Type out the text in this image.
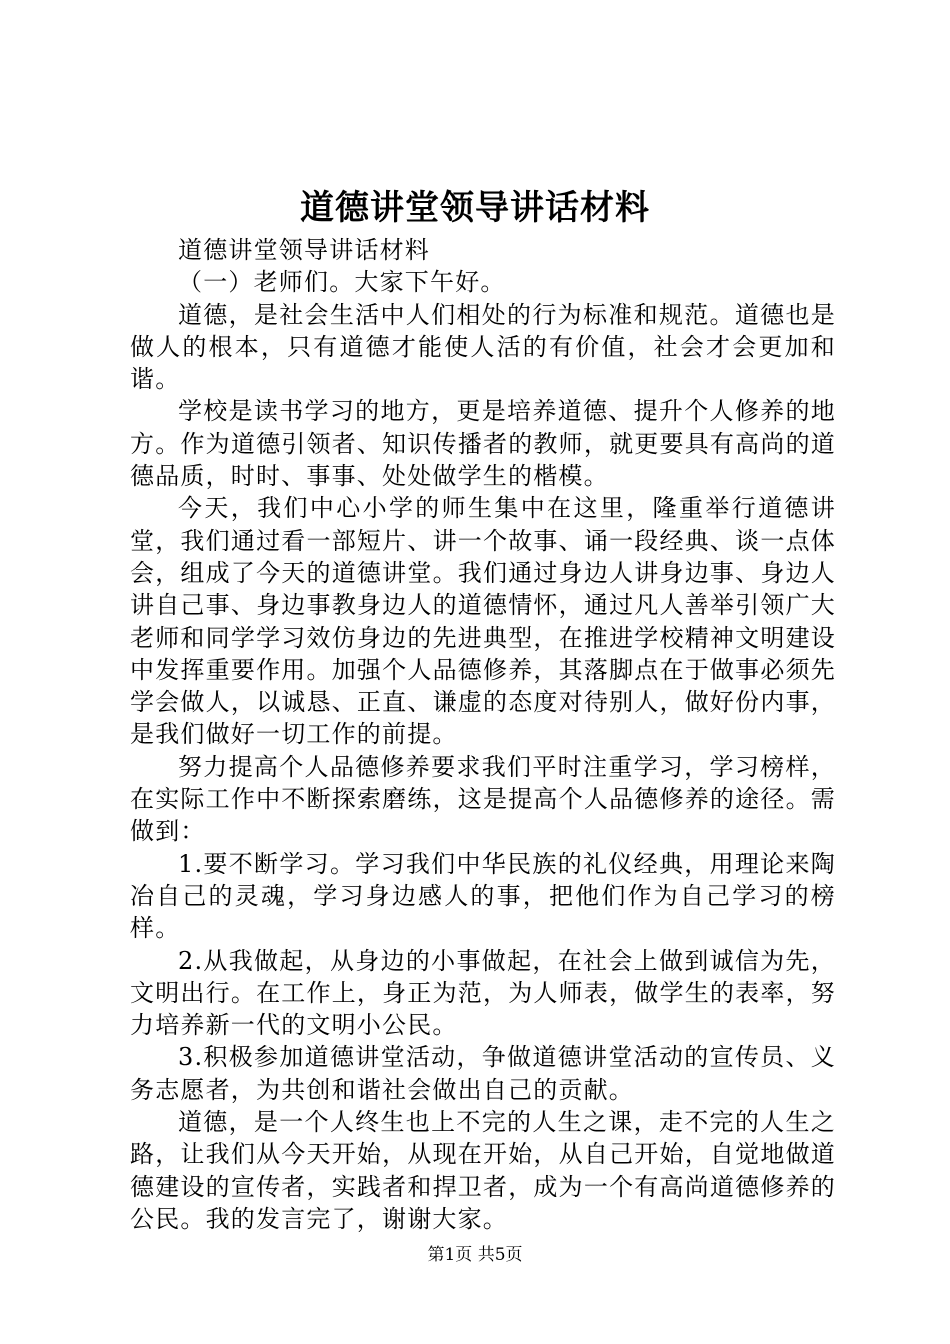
道德讲堂领导讲话材料

道德讲堂领导讲话材料

（一）老师们。大家下午好。

道德，是社会生活中人们相处的行为标准和规范。道德也是做人的根本，只有道德才能使人活的有价值，社会才会更加和谐。

学校是读书学习的地方，更是培养道德、提升个人修养的地方。作为道德引领者、知识传播者的教师，就更要具有高尚的道德品质，时时、事事、处处做学生的楷模。

今天，我们中心小学的师生集中在这里，隆重举行道德讲堂，我们通过看一部短片、讲一个故事、诵一段经典、谈一点体会，组成了今天的道德讲堂。我们通过身边人讲身边事、身边人讲自己事、身边事教身边人的道德情怀，通过凡人善举引领广大老师和同学学习效仿身边的先进典型，在推进学校精神文明建设中发挥重要作用。加强个人品德修养，其落脚点在于做事必须先学会做人，以诚恳、正直、谦虚的态度对待别人，做好份内事，是我们做好一切工作的前提。

努力提高个人品德修养要求我们平时注重学习，学习榜样，在实际工作中不断探索磨练，这是提高个人品德修养的途径。需做到：

1.要不断学习。学习我们中华民族的礼仪经典，用理论来陶冶自己的灵魂，学习身边感人的事，把他们作为自己学习的榜样。

2.从我做起，从身边的小事做起，在社会上做到诚信为先，文明出行。在工作上，身正为范，为人师表，做学生的表率，努力培养新一代的文明小公民。

3.积极参加道德讲堂活动，争做道德讲堂活动的宣传员、义务志愿者，为共创和谐社会做出自己的贡献。

道德，是一个人终生也上不完的人生之课，走不完的人生之路，让我们从今天开始，从现在开始，从自己开始，自觉地做道德建设的宣传者，实践者和捍卫者，成为一个有高尚道德修养的公民。我的发言完了，谢谢大家。

第1页 共5页
